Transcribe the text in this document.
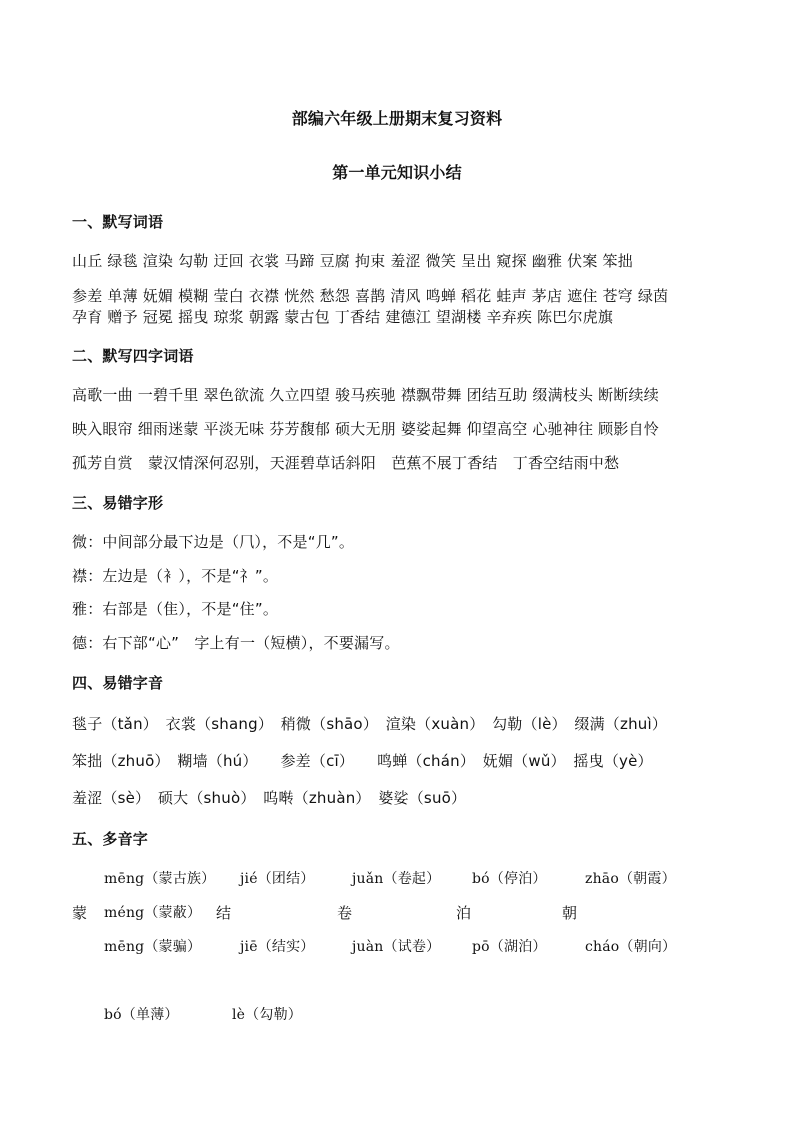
部编六年级上册期末复习资料
第一单元知识小结
一、默写词语
山丘 绿毯 渲染 勾勒 迂回 衣裳 马蹄 豆腐 拘束 羞涩 微笑 呈出 窥探 幽雅 伏案 笨拙
参差 单薄 妩媚 模糊 莹白 衣襟 恍然 愁怨 喜鹊 清风 鸣蝉 稻花 蛙声 茅店 遮住 苍穹 绿茵
孕育 赠予 冠冕 摇曳 琼浆 朝露 蒙古包 丁香结 建德江 望湖楼 辛弃疾 陈巴尔虎旗
二、默写四字词语
高歌一曲 一碧千里 翠色欲流 久立四望 骏马疾驰 襟飘带舞 团结互助 缀满枝头 断断续续
映入眼帘 细雨迷蒙 平淡无味 芬芳馥郁 硕大无朋 婆娑起舞 仰望高空 心驰神往 顾影自怜
孤芳自赏　蒙汉情深何忍别，天涯碧草话斜阳　芭蕉不展丁香结　丁香空结雨中愁
三、易错字形
微：中间部分最下边是（⺇），不是“几”。
襟：左边是（衤），不是“礻”。
雅：右部是（隹），不是“住”。
德：右下部“心”　字上有一（短横），不要漏写。
四、易错字音
毯子（tǎn）　衣裳（shang）　稍微（shāo）　渲染（xuàn）　勾勒（lè）　缀满（zhuì）
笨拙（zhuō）　糊墙（hú）　　参差（cī）　　鸣蝉（chán）　妩媚（wǔ）　摇曳（yè）
羞涩（sè）　硕大（shuò）　呜啭（zhuàn）　婆娑（suō）
五、多音字
mēng（蒙古族） jié（团结）	juǎn（卷起） bó（停泊）	zhāo（朝霞）
蒙 méng（蒙蔽） 结	卷	泊	朝
mēng（蒙骗）	jiē（结实）	juàn（试卷） pō（湖泊）	cháo（朝向）
bó（单薄）	lè（勾勒）
